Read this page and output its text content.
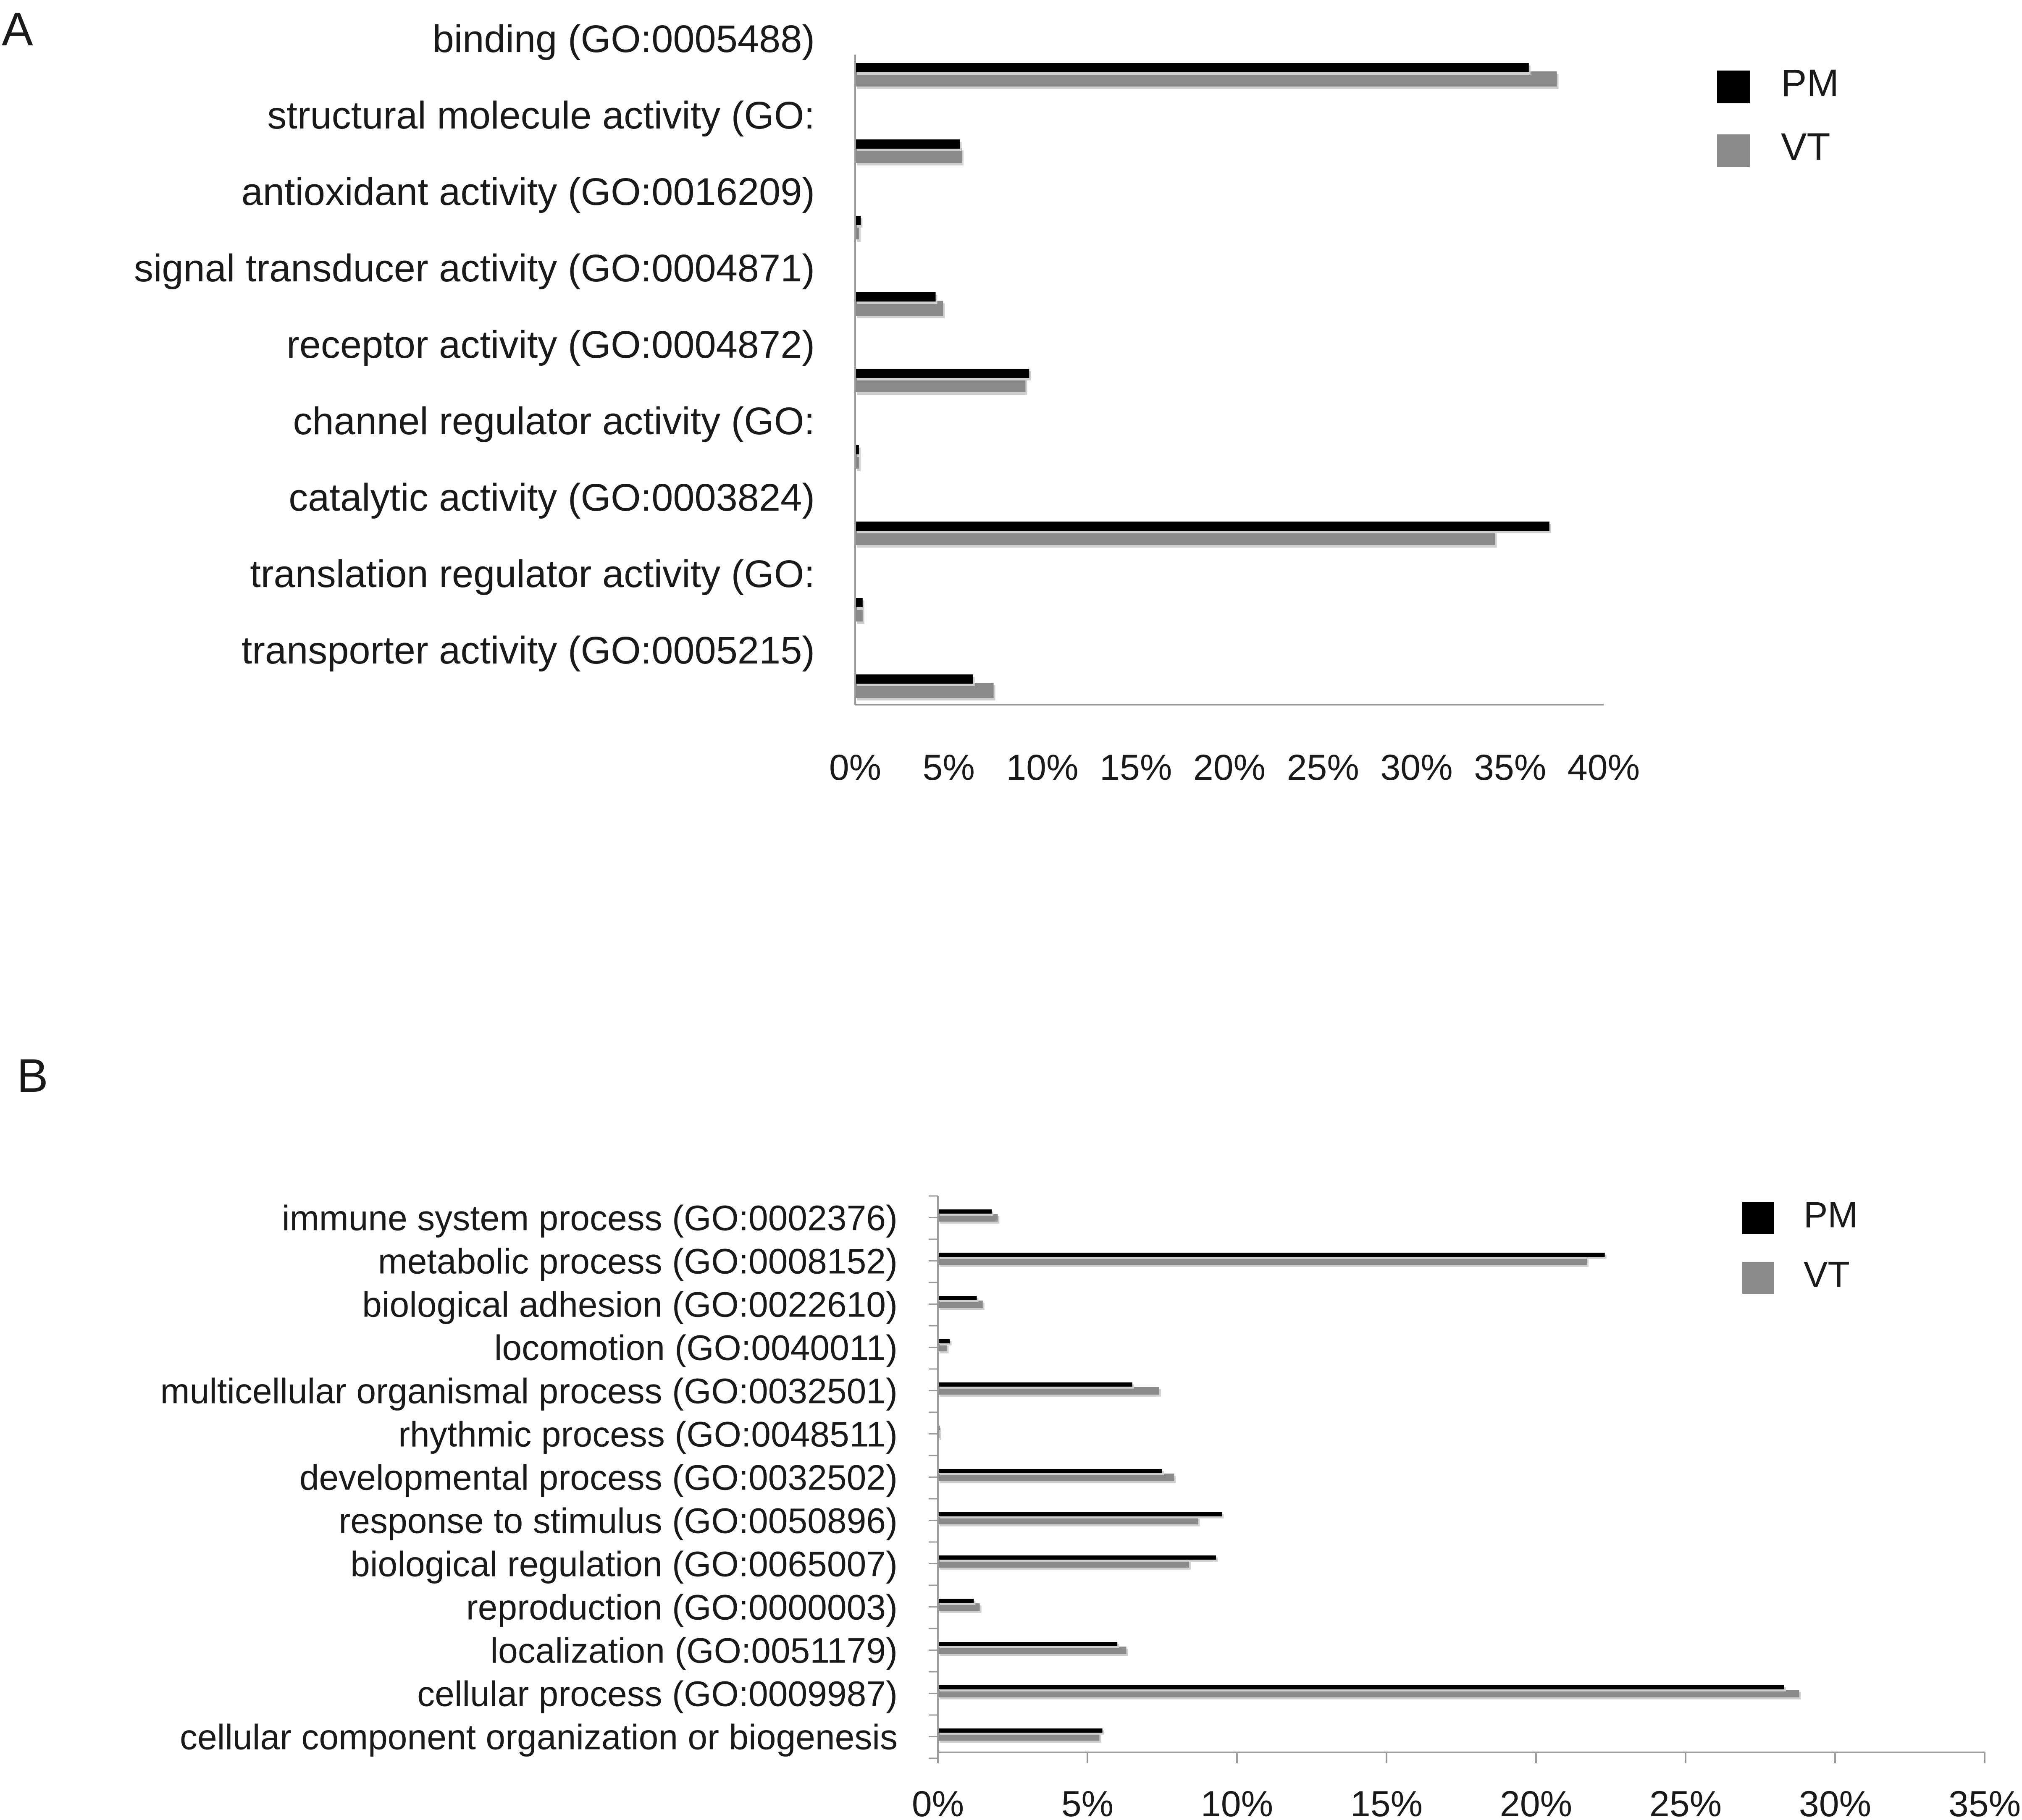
A
B
binding (GO:0005488)
structural molecule activity (GO:
antioxidant activity (GO:0016209)
signal transducer activity (GO:0004871)
receptor activity (GO:0004872)
channel regulator activity (GO:
catalytic activity (GO:0003824)
translation regulator activity (GO:
transporter activity (GO:0005215)
0% 5% 10% 15% 20% 25% 30% 35% 40%
PM
VT
immune system process (GO:0002376)
metabolic process (GO:0008152)
biological adhesion (GO:0022610)
locomotion (GO:0040011)
multicellular organismal process (GO:0032501)
rhythmic process (GO:0048511)
developmental process (GO:0032502)
response to stimulus (GO:0050896)
biological regulation (GO:0065007)
reproduction (GO:0000003)
localization (GO:0051179)
cellular process (GO:0009987)
cellular component organization or biogenesis
0%	5% 10% 15% 20% 25% 30% 35%
PM
VT
